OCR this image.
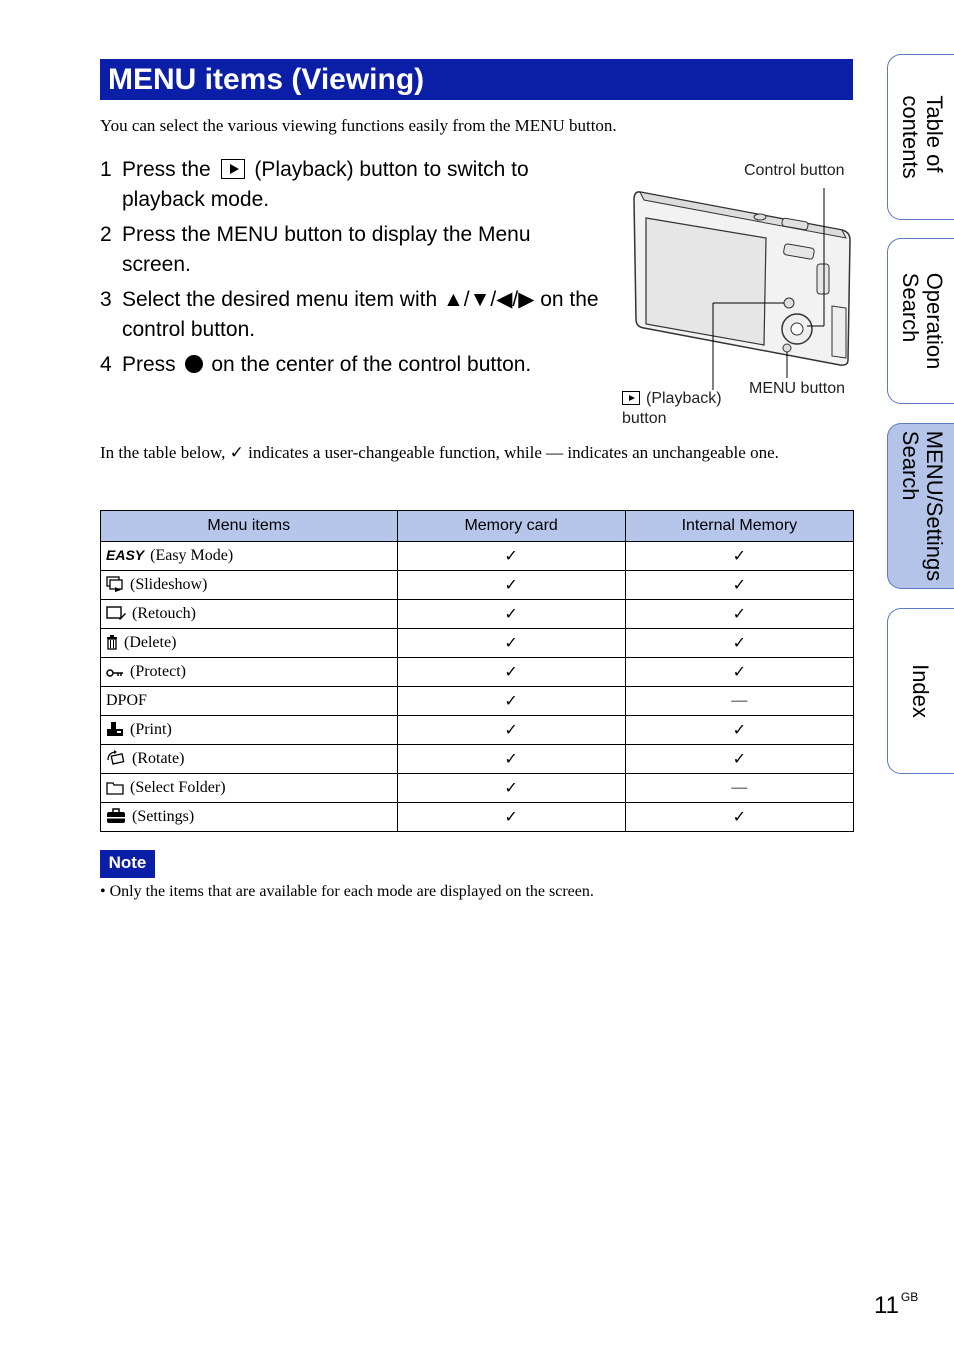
MENU items (Viewing)
You can select the various viewing functions easily from the MENU button.
1 Press the (Playback) button to switch to playback mode.
2 Press the MENU button to display the Menu screen.
3 Select the desired menu item with ▲/▼/◀/▶ on the control button.
4 Press on the center of the control button.
Control button
MENU button
(Playback)
button
In the table below, ✓ indicates a user-changeable function, while — indicates an unchangeable one.
Menu items	Memory card	Internal Memory
EASY (Easy Mode)	✓	✓
(Slideshow)	✓	✓
(Retouch)	✓	✓
(Delete)	✓	✓
(Protect)	✓	✓
DPOF	✓	—
(Print)	✓	✓
(Rotate)	✓	✓
(Select Folder)	✓	—
(Settings)	✓	✓
Note
• Only the items that are available for each mode are displayed on the screen.
Table of
contents
Operation
Search
MENU/Settings
Search
Index
11 $^{GB}$
